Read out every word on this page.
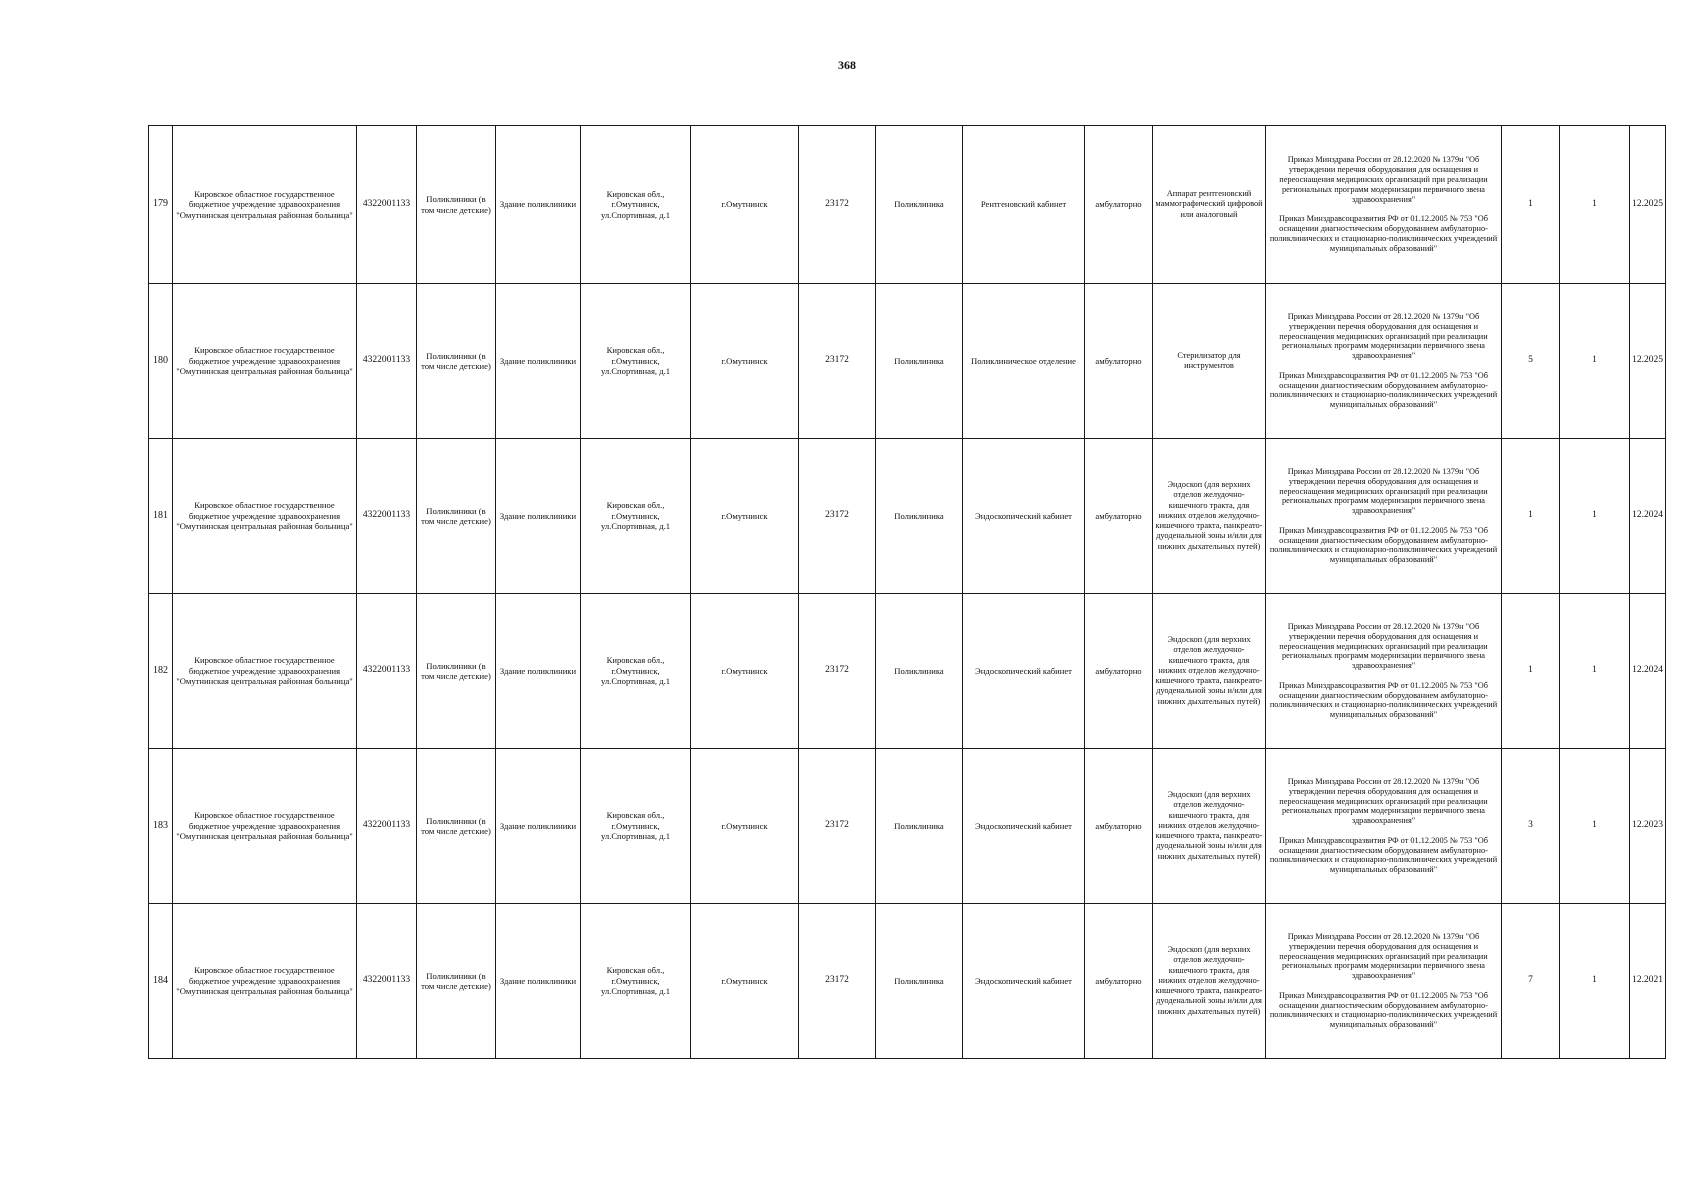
368
179	Кировское областное государственное бюджетное учреждение здравоохранения "Омутнинская центральная районная больница"	4322001133	Поликлиники (в том числе детские)	Здание поликлиники	Кировская обл., г.Омутнинск, ул.Спортивная, д.1	г.Омутнинск	23172	Поликлиника	Рентгеновский кабинет	амбулаторно	Аппарат рентгеновский маммографический цифровой или аналоговый	Приказ Минздрава России от 28.12.2020 № 1379н "Об утверждении перечня оборудования для оснащения и переоснащения медицинских организаций при реализации региональных программ модернизации первичного звена здравоохранения"
Приказ Минздравсоцразвития РФ от 01.12.2005 № 753 "Об оснащении диагностическим оборудованием амбулаторно-поликлинических и стационарно-поликлинических учреждений муниципальных образований"	1	1	12.2025
180	Кировское областное государственное бюджетное учреждение здравоохранения "Омутнинская центральная районная больница"	4322001133	Поликлиники (в том числе детские)	Здание поликлиники	Кировская обл., г.Омутнинск, ул.Спортивная, д.1	г.Омутнинск	23172	Поликлиника	Поликлиническое отделение	амбулаторно	Стерилизатор для инструментов	Приказ Минздрава России от 28.12.2020 № 1379н "Об утверждении перечня оборудования для оснащения и переоснащения медицинских организаций при реализации региональных программ модернизации первичного звена здравоохранения"
Приказ Минздравсоцразвития РФ от 01.12.2005 № 753 "Об оснащении диагностическим оборудованием амбулаторно-поликлинических и стационарно-поликлинических учреждений муниципальных образований"	5	1	12.2025
181	Кировское областное государственное бюджетное учреждение здравоохранения "Омутнинская центральная районная больница"	4322001133	Поликлиники (в том числе детские)	Здание поликлиники	Кировская обл., г.Омутнинск, ул.Спортивная, д.1	г.Омутнинск	23172	Поликлиника	Эндоскопический кабинет	амбулаторно	Эндоскоп (для верхних отделов желудочно-кишечного тракта, для нижних отделов желудочно-кишечного тракта, панкреато-дуоденальной зоны и/или для нижних дыхательных путей)	Приказ Минздрава России от 28.12.2020 № 1379н "Об утверждении перечня оборудования для оснащения и переоснащения медицинских организаций при реализации региональных программ модернизации первичного звена здравоохранения"
Приказ Минздравсоцразвития РФ от 01.12.2005 № 753 "Об оснащении диагностическим оборудованием амбулаторно-поликлинических и стационарно-поликлинических учреждений муниципальных образований"	1	1	12.2024
182	Кировское областное государственное бюджетное учреждение здравоохранения "Омутнинская центральная районная больница"	4322001133	Поликлиники (в том числе детские)	Здание поликлиники	Кировская обл., г.Омутнинск, ул.Спортивная, д.1	г.Омутнинск	23172	Поликлиника	Эндоскопический кабинет	амбулаторно	Эндоскоп (для верхних отделов желудочно-кишечного тракта, для нижних отделов желудочно-кишечного тракта, панкреато-дуоденальной зоны и/или для нижних дыхательных путей)	Приказ Минздрава России от 28.12.2020 № 1379н "Об утверждении перечня оборудования для оснащения и переоснащения медицинских организаций при реализации региональных программ модернизации первичного звена здравоохранения"
Приказ Минздравсоцразвития РФ от 01.12.2005 № 753 "Об оснащении диагностическим оборудованием амбулаторно-поликлинических и стационарно-поликлинических учреждений муниципальных образований"	1	1	12.2024
183	Кировское областное государственное бюджетное учреждение здравоохранения "Омутнинская центральная районная больница"	4322001133	Поликлиники (в том числе детские)	Здание поликлиники	Кировская обл., г.Омутнинск, ул.Спортивная, д.1	г.Омутнинск	23172	Поликлиника	Эндоскопический кабинет	амбулаторно	Эндоскоп (для верхних отделов желудочно-кишечного тракта, для нижних отделов желудочно-кишечного тракта, панкреато-дуоденальной зоны и/или для нижних дыхательных путей)	Приказ Минздрава России от 28.12.2020 № 1379н "Об утверждении перечня оборудования для оснащения и переоснащения медицинских организаций при реализации региональных программ модернизации первичного звена здравоохранения"
Приказ Минздравсоцразвития РФ от 01.12.2005 № 753 "Об оснащении диагностическим оборудованием амбулаторно-поликлинических и стационарно-поликлинических учреждений муниципальных образований"	3	1	12.2023
184	Кировское областное государственное бюджетное учреждение здравоохранения "Омутнинская центральная районная больница"	4322001133	Поликлиники (в том числе детские)	Здание поликлиники	Кировская обл., г.Омутнинск, ул.Спортивная, д.1	г.Омутнинск	23172	Поликлиника	Эндоскопический кабинет	амбулаторно	Эндоскоп (для верхних отделов желудочно-кишечного тракта, для нижних отделов желудочно-кишечного тракта, панкреато-дуоденальной зоны и/или для нижних дыхательных путей)	Приказ Минздрава России от 28.12.2020 № 1379н "Об утверждении перечня оборудования для оснащения и переоснащения медицинских организаций при реализации региональных программ модернизации первичного звена здравоохранения"
Приказ Минздравсоцразвития РФ от 01.12.2005 № 753 "Об оснащении диагностическим оборудованием амбулаторно-поликлинических и стационарно-поликлинических учреждений муниципальных образований"	7	1	12.2021
